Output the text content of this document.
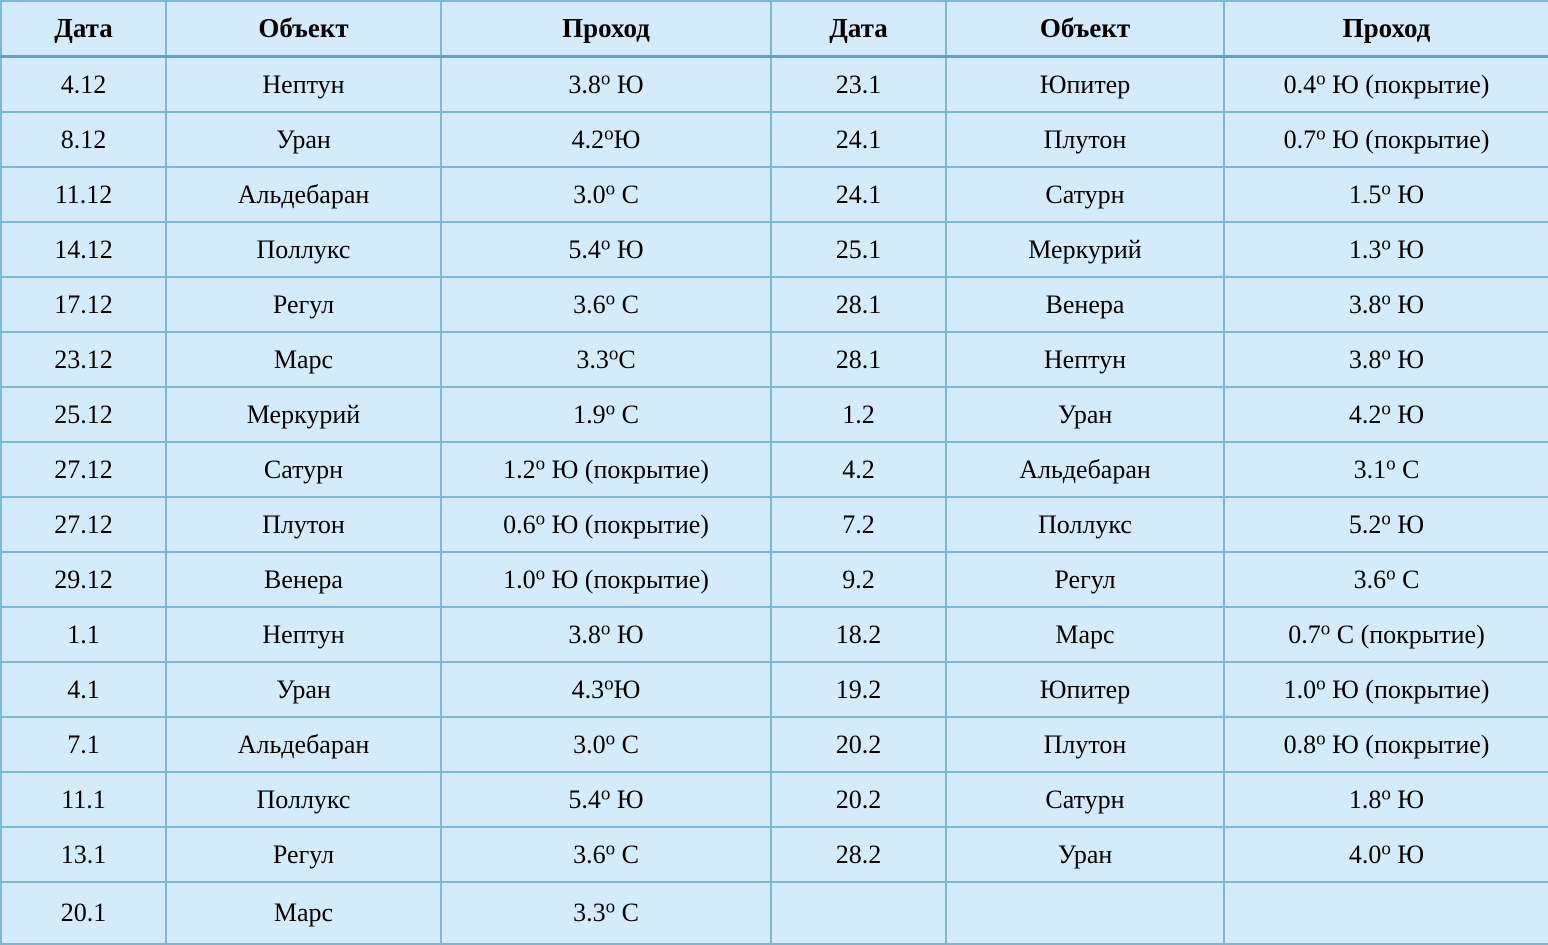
Дата	Объект	Проход	Дата	Объект	Проход

4.12	Нептун	3.8$^o$ Ю	23.1	Юпитер	0.4$^o$ Ю (покрытие)

8.12	Уран	4.2$^o$Ю	24.1	Плутон	0.7$^o$ Ю (покрытие)

11.12	Альдебаран	3.0$^o$ С	24.1	Сатурн	1.5$^o$ Ю

14.12	Поллукс	5.4$^o$ Ю	25.1	Меркурий	1.3$^o$ Ю

17.12	Регул	3.6$^o$ С	28.1	Венера	3.8$^o$ Ю

23.12	Марс	3.3$^o$С	28.1	Нептун	3.8$^o$ Ю

25.12	Меркурий	1.9$^o$ С	1.2	Уран	4.2$^o$ Ю

27.12	Сатурн	1.2$^o$ Ю (покрытие)	4.2	Альдебаран	3.1$^o$ С

27.12	Плутон	0.6$^o$ Ю (покрытие)	7.2	Поллукс	5.2$^o$ Ю

29.12	Венера	1.0$^o$ Ю (покрытие)	9.2	Регул	3.6$^o$ С

1.1	Нептун	3.8$^o$ Ю	18.2	Марс	0.7$^o$ С (покрытие)

4.1	Уран	4.3$^o$Ю	19.2	Юпитер	1.0$^o$ Ю (покрытие)

7.1	Альдебаран	3.0$^o$ С	20.2	Плутон	0.8$^o$ Ю (покрытие)

11.1	Поллукс	5.4$^o$ Ю	20.2	Сатурн	1.8$^o$ Ю

13.1	Регул	3.6$^o$ С	28.2	Уран	4.0$^o$ Ю

20.1	Марс	3.3$^o$ С			
